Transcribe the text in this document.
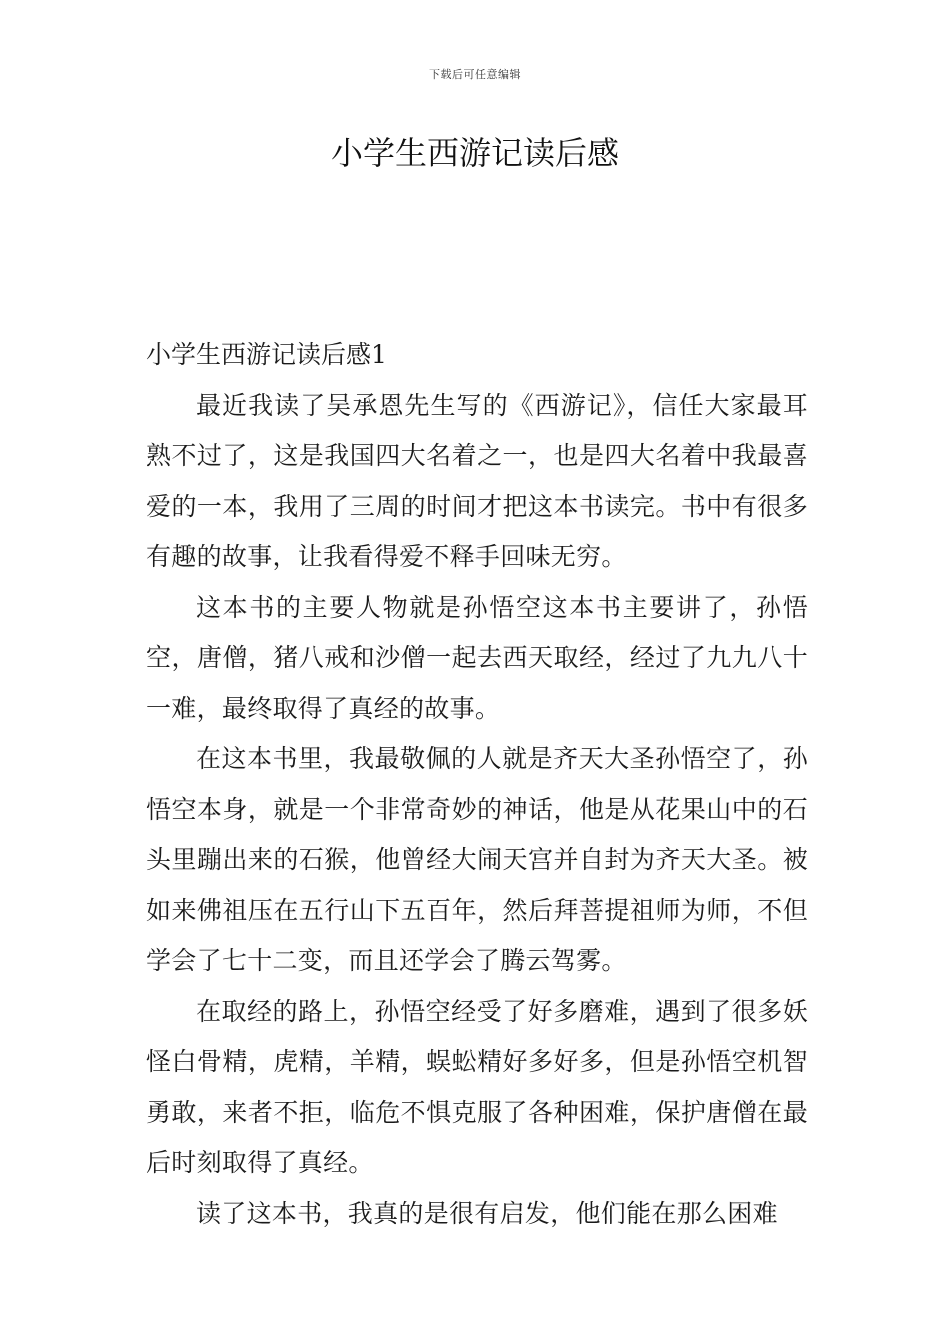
下载后可任意编辑
小学生西游记读后感

小学生西游记读后感1

最近我读了吴承恩先生写的《西游记》，信任大家最耳熟不过了，这是我国四大名着之一，也是四大名着中我最喜爱的一本，我用了三周的时间才把这本书读完。书中有很多有趣的故事，让我看得爱不释手回味无穷。

这本书的主要人物就是孙悟空这本书主要讲了，孙悟空，唐僧，猪八戒和沙僧一起去西天取经，经过了九九八十一难，最终取得了真经的故事。

在这本书里，我最敬佩的人就是齐天大圣孙悟空了，孙悟空本身，就是一个非常奇妙的神话，他是从花果山中的石头里蹦出来的石猴，他曾经大闹天宫并自封为齐天大圣。被如来佛祖压在五行山下五百年，然后拜菩提祖师为师，不但学会了七十二变，而且还学会了腾云驾雾。

在取经的路上，孙悟空经受了好多磨难，遇到了很多妖怪白骨精，虎精，羊精，蜈蚣精好多好多，但是孙悟空机智勇敢，来者不拒，临危不惧克服了各种困难，保护唐僧在最后时刻取得了真经。

读了这本书，我真的是很有启发，他们能在那么困难
